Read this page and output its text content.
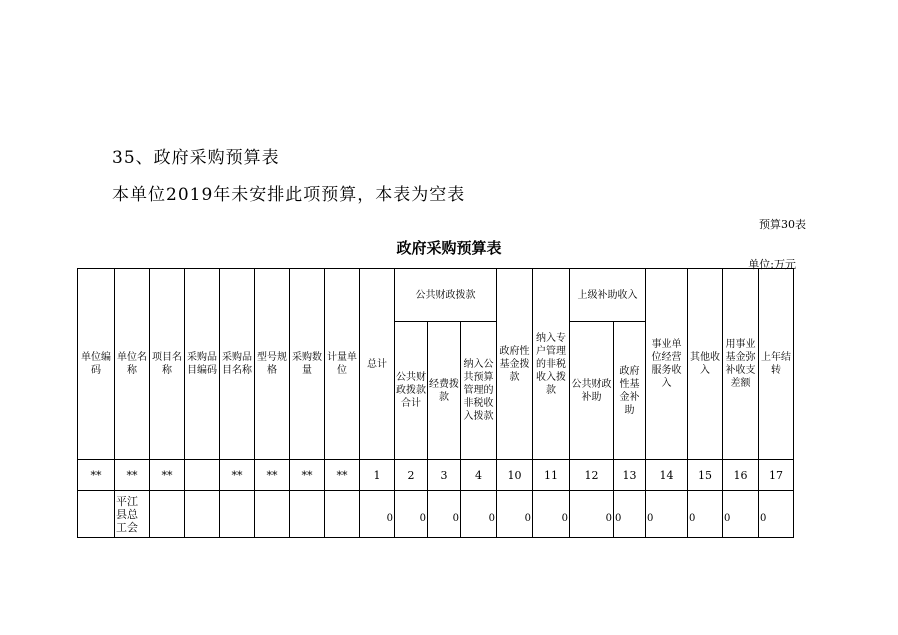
35、政府采购预算表
本单位2019年未安排此项预算，本表为空表
预算30表
政府采购预算表
单位:万元
单位编码	单位名称	项目名称	采购品目编码	采购品目名称	型号规格	采购数量	计量单位	总计	公共财政拨款			政府性基金拨款	纳入专户管理的非税收入拨款	上级补助收入		事业单位经营服务收入	其他收入	用事业基金弥补收支差额	上年结转
									公共财政拨款合计	经费拨款	纳入公共预算管理的非税收入拨款			公共财政补助	政府性基金补助				
**	**	**		**	**	**	**	1	2	3	4	10	11	12	13	14	15	16	17
	平江县总工会							0	0	0	0	0	0	0	0	0	0	0	0
